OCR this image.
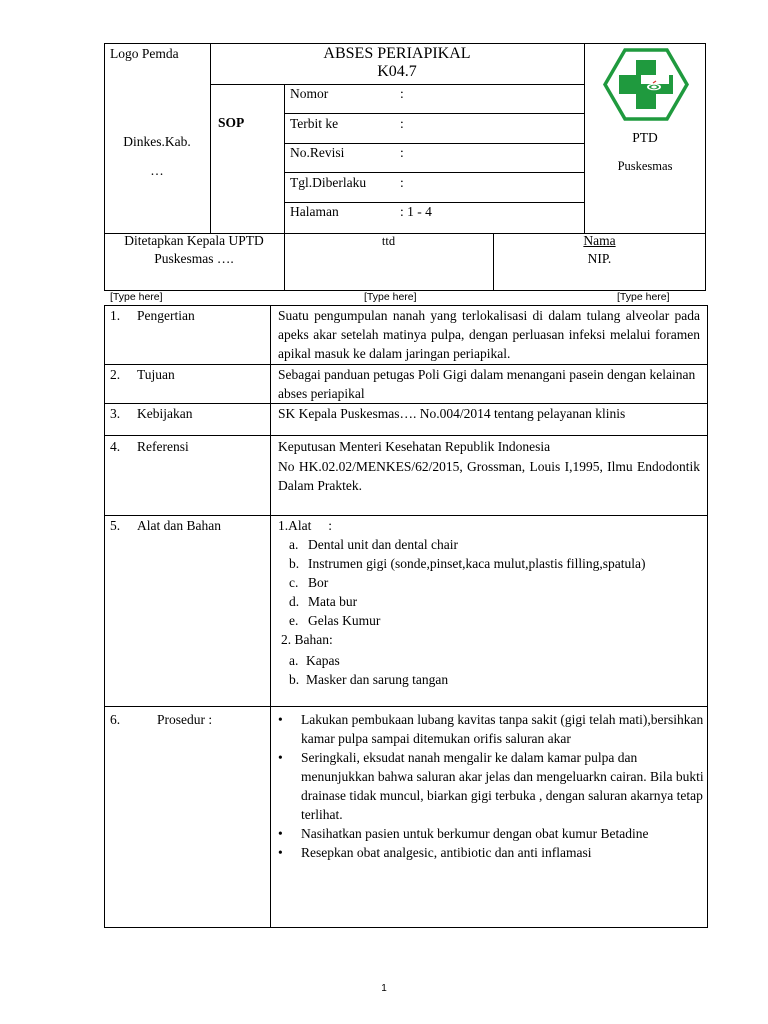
Logo Pemda
Dinkes.Kab.
…
ABSES PERIAPIKAL
K04.7
SOP
Nomor	:
Terbit ke	:
No.Revisi	:
Tgl.Diberlaku	:
Halaman	: 1 - 4
PTD
Puskesmas
Ditetapkan Kepala UPTD
Puskesmas ….
ttd	Nama
NIP.
[Type here]	[Type here]	[Type here]
1. Pengertian	Suatu pengumpulan nanah yang terlokalisasi di dalam tulang alveolar pada apeks akar setelah matinya pulpa, dengan perluasan infeksi melalui foramen apikal masuk ke dalam jaringan periapikal.
2. Tujuan	Sebagai panduan petugas Poli Gigi dalam menangani pasein dengan kelainan abses periapikal
3. Kebijakan	SK Kepala Puskesmas…. No.004/2014 tentang pelayanan klinis
4. Referensi	Keputusan Menteri Kesehatan Republik Indonesia
No HK.02.02/MENKES/62/2015, Grossman, Louis I,1995, Ilmu Endodontik Dalam Praktek.
5. Alat dan Bahan	1.Alat     :
a. Dental unit dan dental chair
b. Instrumen gigi (sonde,pinset,kaca mulut,plastis filling,spatula)
c. Bor
d. Mata bur
e. Gelas Kumur
2. Bahan:
a. Kapas
b. Masker dan sarung tangan
6.	Prosedur :
•	Lakukan pembukaan lubang kavitas tanpa sakit (gigi telah mati),bersihkan kamar pulpa sampai ditemukan orifis saluran akar
• Seringkali, eksudat nanah mengalir ke dalam kamar pulpa dan menunjukkan bahwa saluran akar jelas dan mengeluarkn cairan. Bila bukti drainase tidak muncul, biarkan gigi terbuka , dengan saluran akarnya tetap terlihat.
• Nasihatkan pasien untuk berkumur dengan obat kumur Betadine
• Resepkan obat analgesic, antibiotic dan anti inflamasi
1
